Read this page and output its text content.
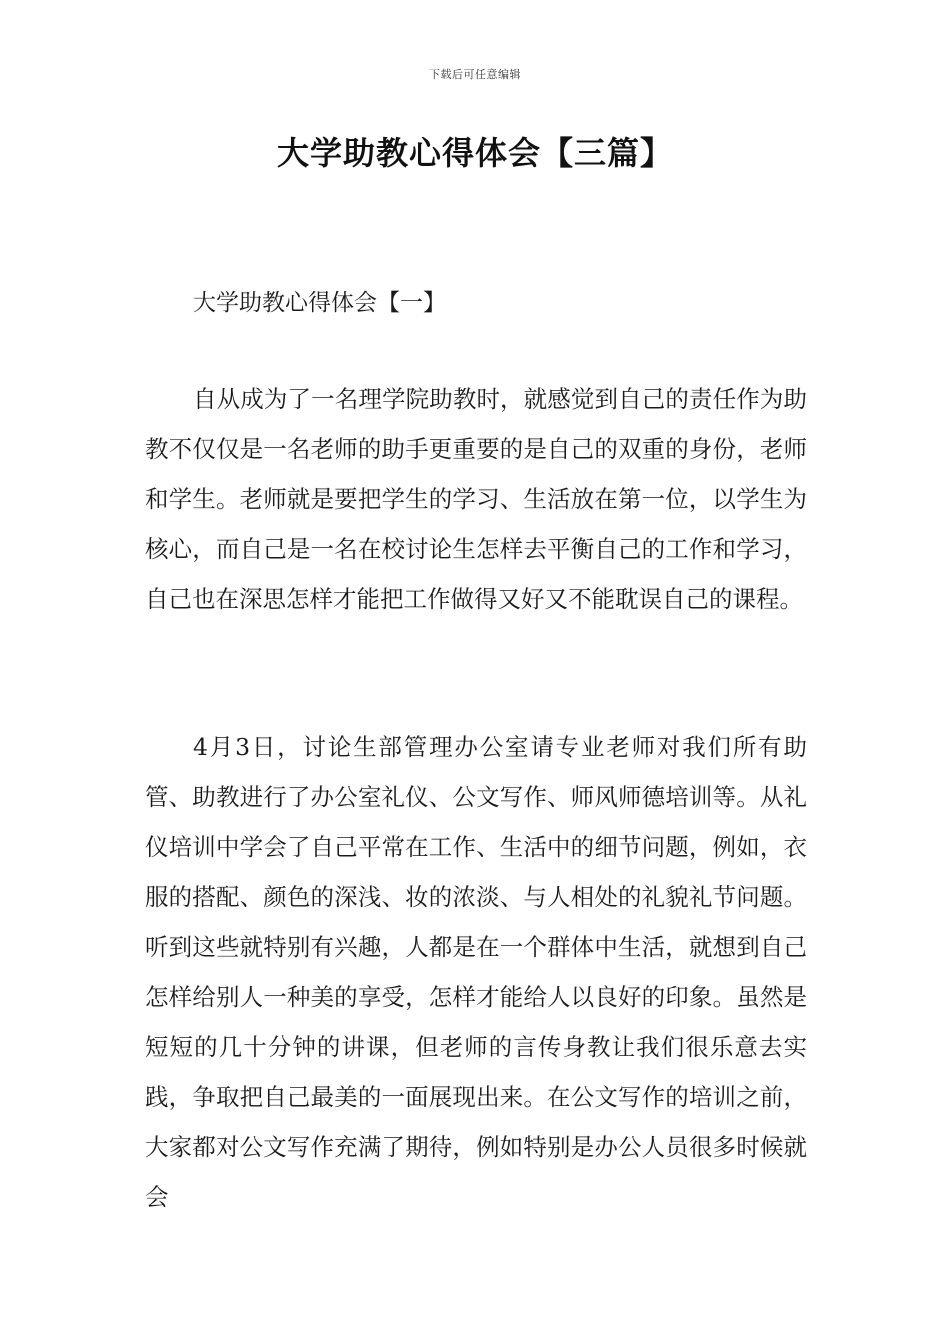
下载后可任意编辑
大学助教心得体会【三篇】
大学助教心得体会【一】

自从成为了一名理学院助教时，就感觉到自己的责任作为助教不仅仅是一名老师的助手更重要的是自己的双重的身份，老师和学生。老师就是要把学生的学习、生活放在第一位，以学生为核心，而自己是一名在校讨论生怎样去平衡自己的工作和学习，自己也在深思怎样才能把工作做得又好又不能耽误自己的课程。

4月3日，讨论生部管理办公室请专业老师对我们所有助管、助教进行了办公室礼仪、公文写作、师风师德培训等。从礼仪培训中学会了自己平常在工作、生活中的细节问题，例如，衣服的搭配、颜色的深浅、妆的浓淡、与人相处的礼貌礼节问题。听到这些就特别有兴趣，人都是在一个群体中生活，就想到自己怎样给别人一种美的享受，怎样才能给人以良好的印象。虽然是短短的几十分钟的讲课，但老师的言传身教让我们很乐意去实践，争取把自己最美的一面展现出来。在公文写作的培训之前，大家都对公文写作充满了期待，例如特别是办公人员很多时候就会
